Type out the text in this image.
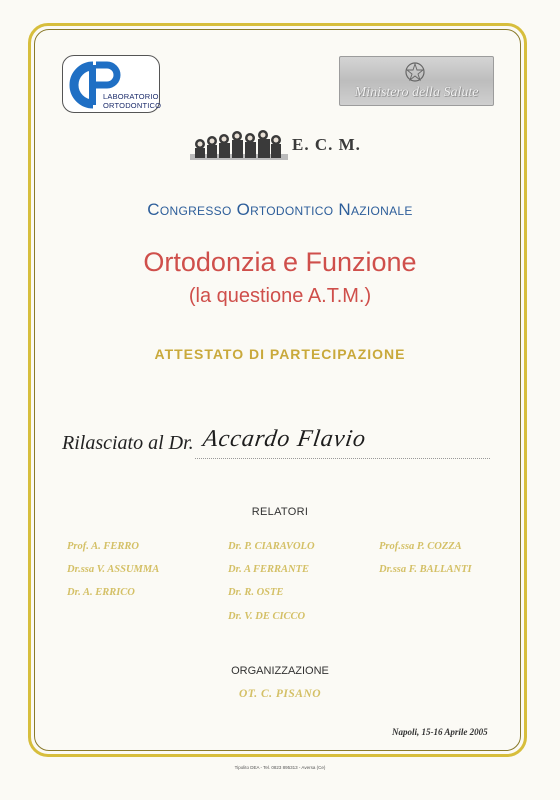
LABORATORIO
ORTODONTICO
Ministero della Salute
E. C. M.
Congresso Ortodontico Nazionale
Ortodonzia e Funzione
(la questione A.T.M.)
ATTESTATO DI PARTECIPAZIONE
Rilasciato al Dr. Accardo Flavio
RELATORI
Prof. A. FERRO
Dr.ssa V. ASSUMMA
Dr. A. ERRICO
Dr. P. CIARAVOLO
Dr. A FERRANTE
Dr. R. OSTE
Dr. V. DE CICCO
Prof.ssa P. COZZA
Dr.ssa F. BALLANTI
ORGANIZZAZIONE
OT. C. PISANO
Napoli, 15-16 Aprile 2005
Tipolito DEA - Tel. 0823 895313 - Aversa (Ce)
